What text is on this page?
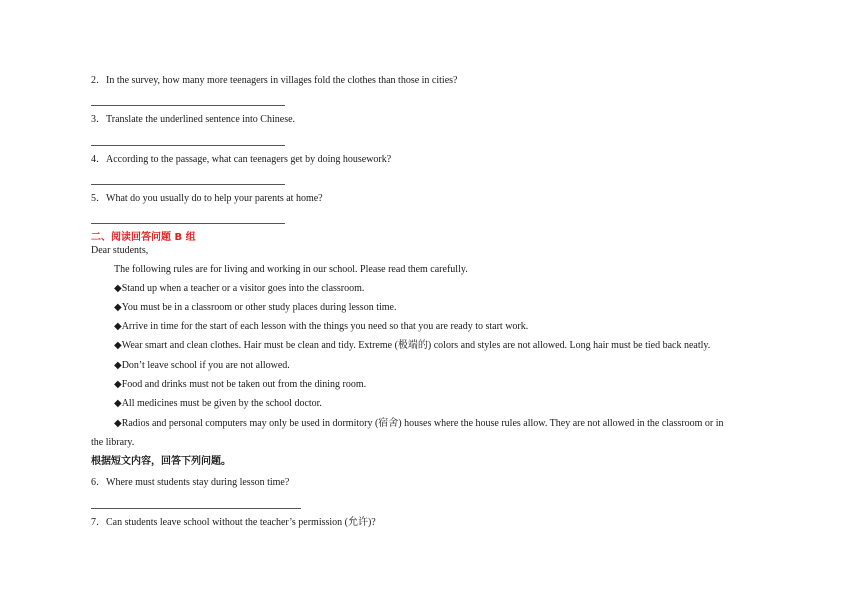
2．In the survey, how many more teenagers in villages fold the clothes than those in cities?
3．Translate the underlined sentence into Chinese.
4．According to the passage, what can teenagers get by doing housework?
5．What do you usually do to help your parents at home?
二、阅读回答问题 B 组
Dear students,
The following rules are for living and working in our school. Please read them carefully.
◆Stand up when a teacher or a visitor goes into the classroom.
◆You must be in a classroom or other study places during lesson time.
◆Arrive in time for the start of each lesson with the things you need so that you are ready to start work.
◆Wear smart and clean clothes. Hair must be clean and tidy. Extreme (极端的) colors and styles are not allowed. Long hair must be tied back neatly.
◆Don’t leave school if you are not allowed.
◆Food and drinks must not be taken out from the dining room.
◆All medicines must be given by the school doctor.
◆Radios and personal computers may only be used in dormitory (宿舍) houses where the house rules allow. They are not allowed in the classroom or in
the library.
根据短文内容，回答下列问题。
6．Where must students stay during lesson time?
7．Can students leave school without the teacher’s permission (允许)?
